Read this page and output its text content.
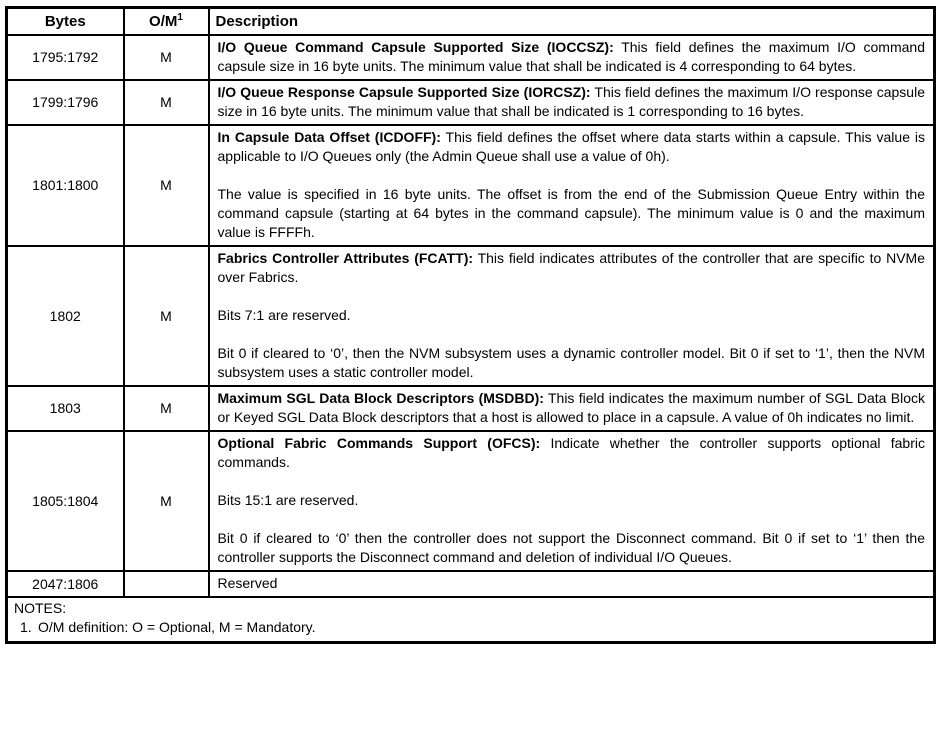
Bytes	$O/M^1$	Description
1795:1792	M	I/O Queue Command Capsule Supported Size (IOCCSZ): This field defines the maximum I/O command capsule size in 16 byte units. The minimum value that shall be indicated is 4 corresponding to 64 bytes.

1799:1796	M	I/O Queue Response Capsule Supported Size (IORCSZ): This field defines the maximum I/O response capsule size in 16 byte units. The minimum value that shall be indicated is 1 corresponding to 16 bytes.

1801:1800	M	In Capsule Data Offset (ICDOFF): This field defines the offset where data starts within a capsule. This value is applicable to I/O Queues only (the Admin Queue shall use a value of 0h).
The value is specified in 16 byte units. The offset is from the end of the Submission Queue Entry within the command capsule (starting at 64 bytes in the command capsule). The minimum value is 0 and the maximum value is FFFFh.

1802	M	Fabrics Controller Attributes (FCATT): This field indicates attributes of the controller that are specific to NVMe over Fabrics.
Bits 7:1 are reserved.
Bit 0 if cleared to ‘0’, then the NVM subsystem uses a dynamic controller model. Bit 0 if set to ‘1’, then the NVM subsystem uses a static controller model.

1803	M	Maximum SGL Data Block Descriptors (MSDBD): This field indicates the maximum number of SGL Data Block or Keyed SGL Data Block descriptors that a host is allowed to place in a capsule. A value of 0h indicates no limit.

1805:1804	M	Optional Fabric Commands Support (OFCS): Indicate whether the controller supports optional fabric commands.
Bits 15:1 are reserved.
Bit 0 if cleared to ‘0’ then the controller does not support the Disconnect command. Bit 0 if set to ‘1’ then the controller supports the Disconnect command and deletion of individual I/O Queues.

2047:1806		Reserved

NOTES:
1. O/M definition: O = Optional, M = Mandatory.		
